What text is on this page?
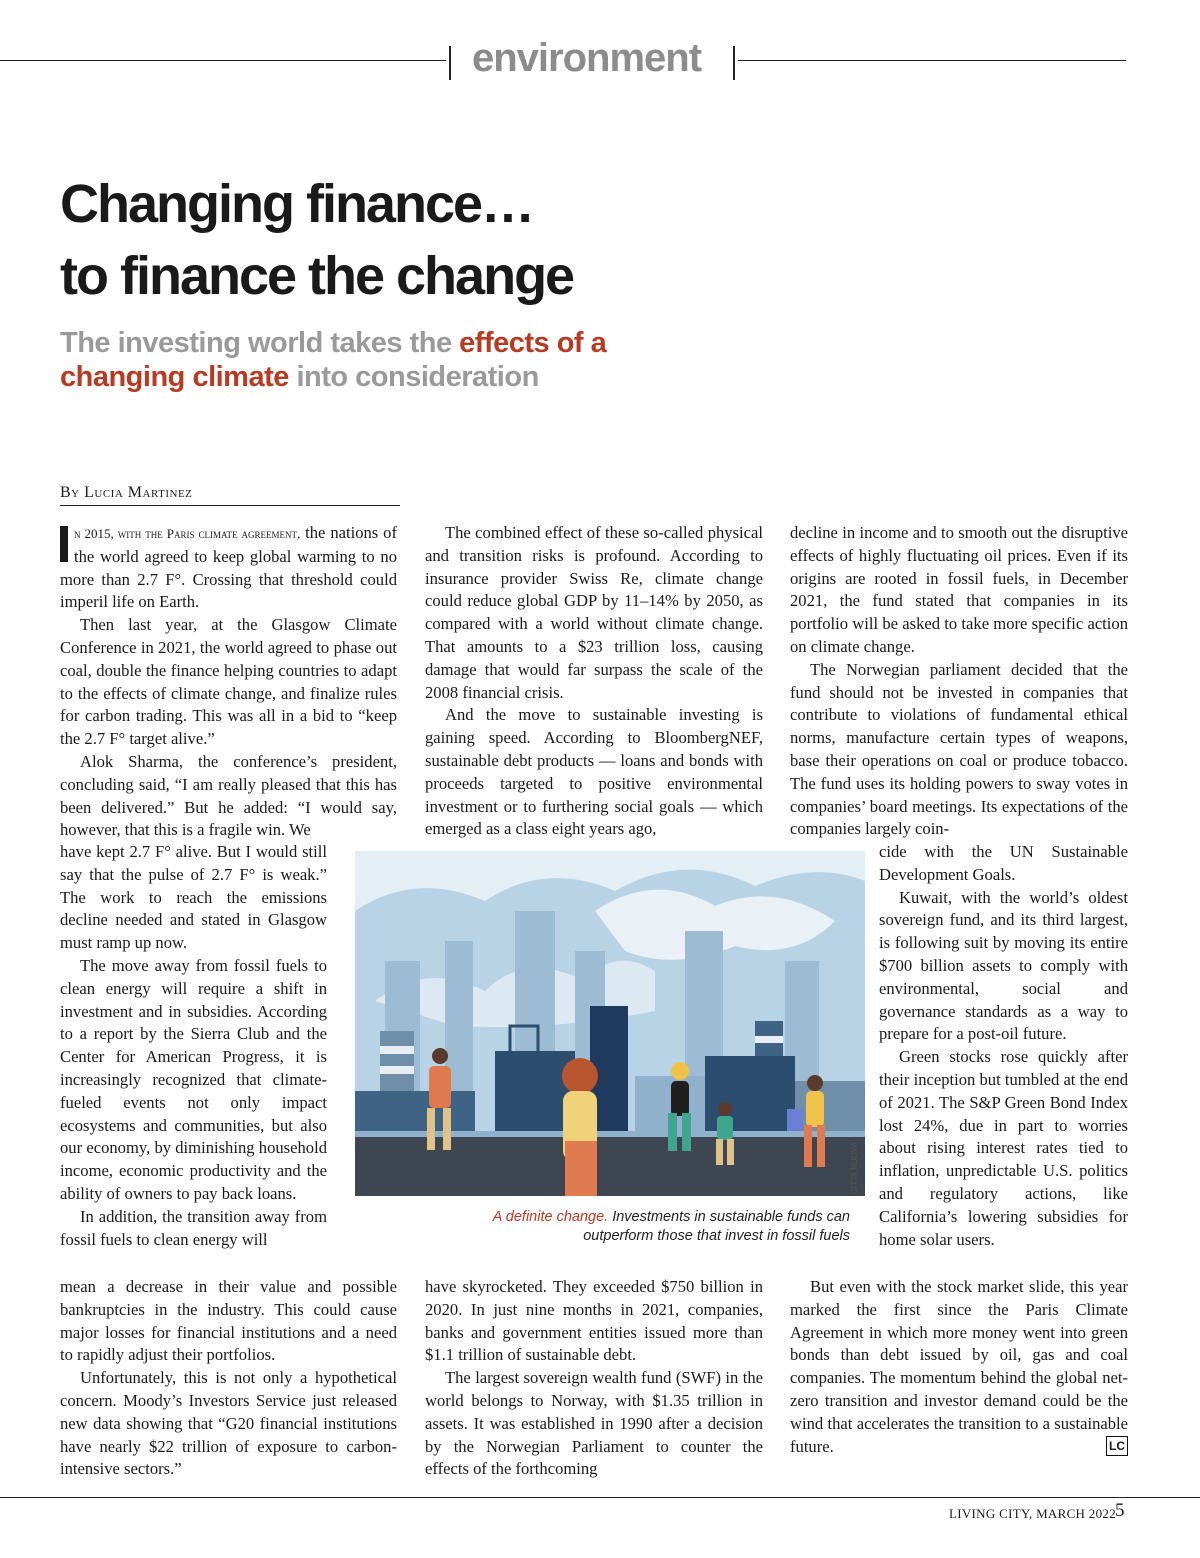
environment
Changing finance…
to finance the change
The investing world takes the effects of a changing climate into consideration
By Lucia Martinez

n 2015, with the Paris climate agreement, the nations of the world agreed to keep global warming to no more than 2.7 F°. Crossing that threshold could imperil life on Earth.

Then last year, at the Glasgow Climate Conference in 2021, the world agreed to phase out coal, double the finance helping countries to adapt to the effects of climate change, and finalize rules for carbon trading. This was all in a bid to “keep the 2.7 F° target alive.”

Alok Sharma, the conference’s president, concluding said, “I am really pleased that this has been delivered.” But he added: “I would say, however, that this is a fragile win. We

have kept 2.7 F° alive. But I would still say that the pulse of 2.7 F° is weak.” The work to reach the emissions decline needed and stated in Glasgow must ramp up now.

The move away from fossil fuels to clean energy will require a shift in investment and in subsidies. According to a report by the Sierra Club and the Center for American Progress, it is increasingly recognized that climate-fueled events not only impact ecosystems and communities, but also our economy, by diminishing household income, economic productivity and the ability of owners to pay back loans.

In addition, the transition away from fossil fuels to clean energy will

mean a decrease in their value and possible bankruptcies in the industry. This could cause major losses for financial institutions and a need to rapidly adjust their portfolios.

Unfortunately, this is not only a hypothetical concern. Moody’s Investors Service just released new data showing that “G20 financial institutions have nearly $22 trillion of exposure to carbon-intensive sectors.”

The combined effect of these so-called physical and transition risks is profound. According to insurance provider Swiss Re, climate change could reduce global GDP by 11–14% by 2050, as compared with a world without climate change. That amounts to a $23 trillion loss, causing damage that would far surpass the scale of the 2008 financial crisis.

And the move to sustainable investing is gaining speed. According to BloombergNEF, sustainable debt products — loans and bonds with proceeds targeted to positive environmental investment or to furthering social goals — which emerged as a class eight years ago,

have skyrocketed. They exceeded $750 billion in 2020. In just nine months in 2021, companies, banks and government entities issued more than $1.1 trillion of sustainable debt.

The largest sovereign wealth fund (SWF) in the world belongs to Norway, with $1.35 trillion in assets. It was established in 1990 after a decision by the Norwegian Parliament to counter the effects of the forthcoming

decline in income and to smooth out the disruptive effects of highly fluctuating oil prices. Even if its origins are rooted in fossil fuels, in December 2021, the fund stated that companies in its portfolio will be asked to take more specific action on climate change.

The Norwegian parliament decided that the fund should not be invested in companies that contribute to violations of fundamental ethical norms, manufacture certain types of weapons, base their operations on coal or produce tobacco. The fund uses its holding powers to sway votes in companies’ board meetings. Its expectations of the companies largely coin-

cide with the UN Sustainable Development Goals.

Kuwait, with the world’s oldest sovereign fund, and its third largest, is following suit by moving its entire $700 billion assets to comply with environmental, social and governance standards as a way to prepare for a post-oil future.

Green stocks rose quickly after their inception but tumbled at the end of 2021. The S&P Green Bond Index lost 24%, due in part to worries about rising interest rates tied to inflation, unpredictable U.S. politics and regulatory actions, like California’s lowering subsidies for home solar users.

But even with the stock market slide, this year marked the first since the Paris Climate Agreement in which more money went into green bonds than debt issued by oil, gas and coal companies. The momentum behind the global net-zero transition and investor demand could be the wind that accelerates the transition to a sustainable future.

CITTA NUOVA
A definite change. Investments in sustainable funds can outperform those that invest in fossil fuels
LC
LIVING CITY, MARCH 2022 5
